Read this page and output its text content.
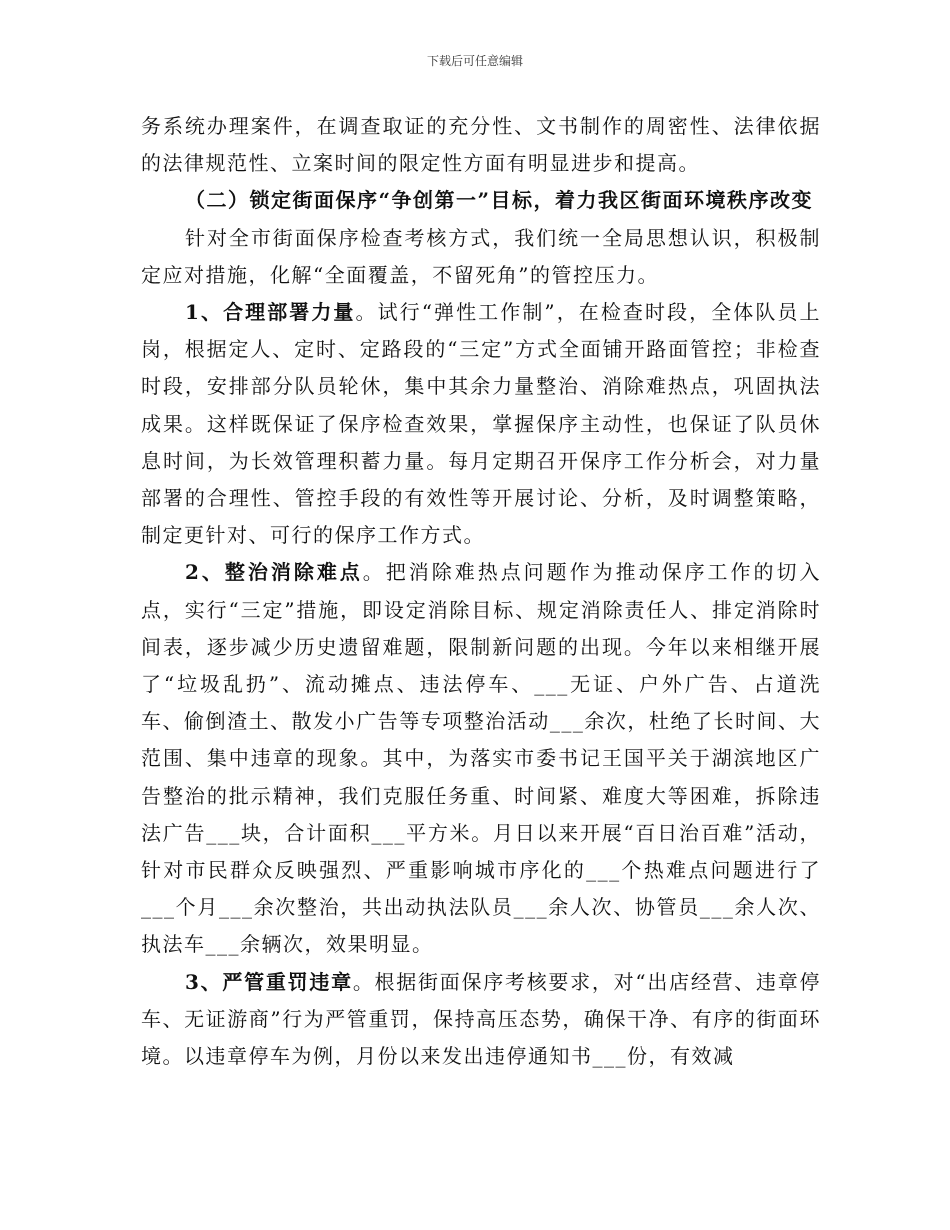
下载后可任意编辑

务系统办理案件，在调查取证的充分性、文书制作的周密性、法律依据的法律规范性、立案时间的限定性方面有明显进步和提高。

（二）锁定街面保序“争创第一”目标，着力我区街面环境秩序改变

针对全市街面保序检查考核方式，我们统一全局思想认识，积极制定应对措施，化解“全面覆盖，不留死角”的管控压力。

1、合理部署力量。试行“弹性工作制”，在检查时段，全体队员上岗，根据定人、定时、定路段的“三定”方式全面铺开路面管控；非检查时段，安排部分队员轮休，集中其余力量整治、消除难热点，巩固执法成果。这样既保证了保序检查效果，掌握保序主动性，也保证了队员休息时间，为长效管理积蓄力量。每月定期召开保序工作分析会，对力量部署的合理性、管控手段的有效性等开展讨论、分析，及时调整策略，制定更针对、可行的保序工作方式。

2、整治消除难点。把消除难热点问题作为推动保序工作的切入点，实行“三定”措施，即设定消除目标、规定消除责任人、排定消除时间表，逐步减少历史遗留难题，限制新问题的出现。今年以来相继开展了“垃圾乱扔”、流动摊点、违法停车、___无证、户外广告、占道洗车、偷倒渣土、散发小广告等专项整治活动___余次，杜绝了长时间、大范围、集中违章的现象。其中，为落实市委书记王国平关于湖滨地区广告整治的批示精神，我们克服任务重、时间紧、难度大等困难，拆除违法广告___块，合计面积___平方米。月日以来开展“百日治百难”活动，针对市民群众反映强烈、严重影响城市序化的___个热难点问题进行了___个月___余次整治，共出动执法队员___余人次、协管员___余人次、执法车___余辆次，效果明显。

3、严管重罚违章。根据街面保序考核要求，对“出店经营、违章停车、无证游商”行为严管重罚，保持高压态势，确保干净、有序的街面环境。以违章停车为例，月份以来发出违停通知书___份，有效减
